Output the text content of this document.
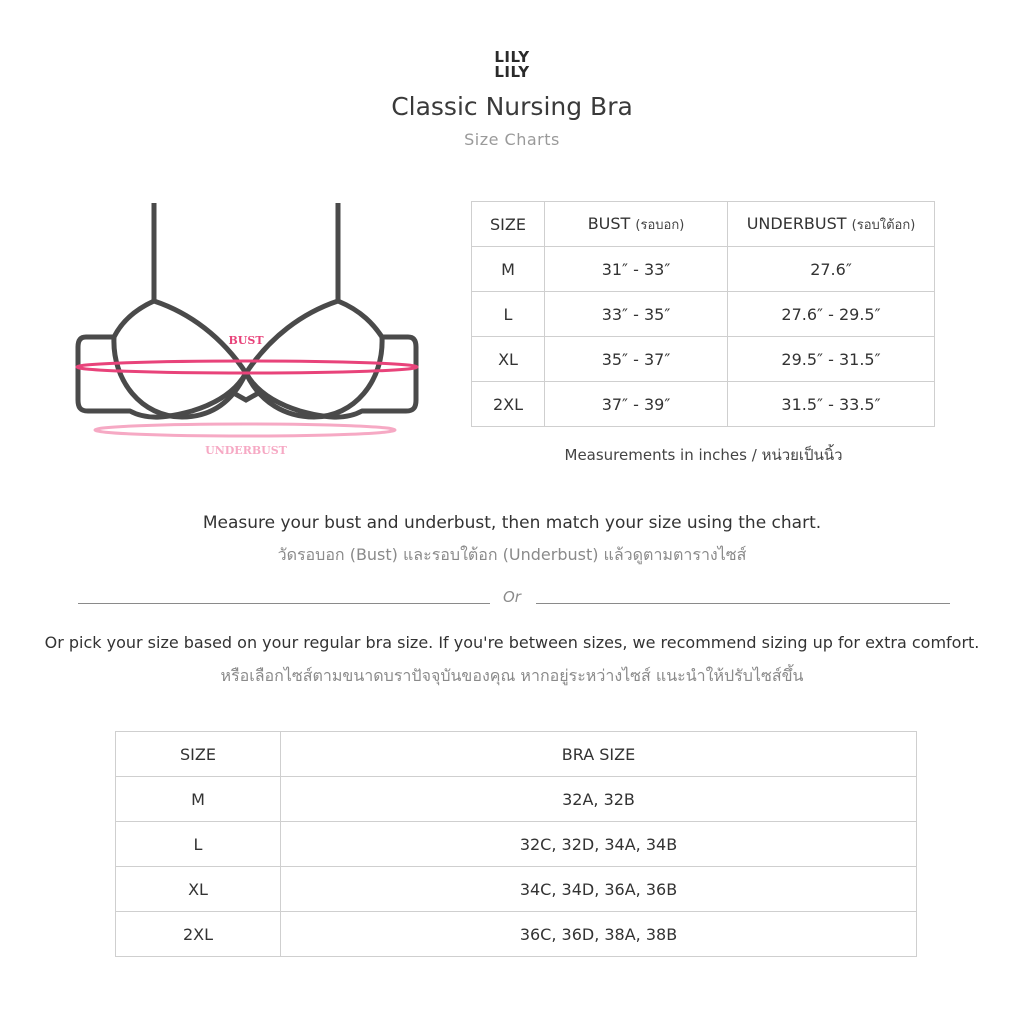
LILY
LILY
Classic Nursing Bra
Size Charts
BUST
UNDERBUST
SIZE	BUST (รอบอก)	UNDERBUST (รอบใต้อก)
M	31″ - 33″	27.6″
L	33″ - 35″	27.6″ - 29.5″
XL	35″ - 37″	29.5″ - 31.5″
2XL	37″ - 39″	31.5″ - 33.5″
Measurements in inches / หน่วยเป็นนิ้ว
Measure your bust and underbust, then match your size using the chart.
วัดรอบอก (Bust) และรอบใต้อก (Underbust) แล้วดูตามตารางไซส์
Or
Or pick your size based on your regular bra size. If you're between sizes, we recommend sizing up for extra comfort.
หรือเลือกไซส์ตามขนาดบราปัจจุบันของคุณ หากอยู่ระหว่างไซส์ แนะนำให้ปรับไซส์ขึ้น
SIZE	BRA SIZE
M	32A, 32B
L	32C, 32D, 34A, 34B
XL	34C, 34D, 36A, 36B
2XL	36C, 36D, 38A, 38B
